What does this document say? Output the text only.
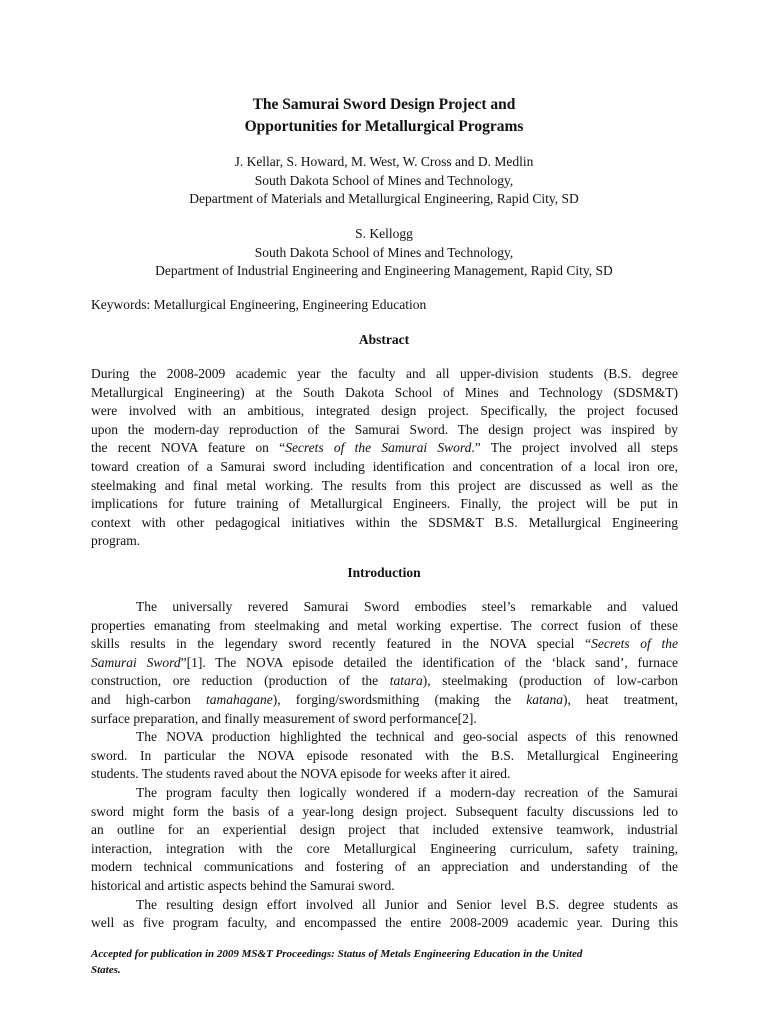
The Samurai Sword Design Project and
Opportunities for Metallurgical Programs
J. Kellar, S. Howard, M. West, W. Cross and D. Medlin
South Dakota School of Mines and Technology,
Department of Materials and Metallurgical Engineering, Rapid City, SD
S. Kellogg
South Dakota School of Mines and Technology,
Department of Industrial Engineering and Engineering Management, Rapid City, SD
Keywords: Metallurgical Engineering, Engineering Education
Abstract
During the 2008-2009 academic year the faculty and all upper-division students (B.S. degree
Metallurgical Engineering) at the South Dakota School of Mines and Technology (SDSM&T)
were involved with an ambitious, integrated design project. Specifically, the project focused
upon the modern-day reproduction of the Samurai Sword. The design project was inspired by
the recent NOVA feature on “Secrets of the Samurai Sword.” The project involved all steps
toward creation of a Samurai sword including identification and concentration of a local iron ore,
steelmaking and final metal working. The results from this project are discussed as well as the
implications for future training of Metallurgical Engineers. Finally, the project will be put in
context with other pedagogical initiatives within the SDSM&T B.S. Metallurgical Engineering
program.
Introduction
The universally revered Samurai Sword embodies steel’s remarkable and valued
properties emanating from steelmaking and metal working expertise. The correct fusion of these
skills results in the legendary sword recently featured in the NOVA special “Secrets of the
Samurai Sword”[1]. The NOVA episode detailed the identification of the ‘black sand’, furnace
construction, ore reduction (production of the tatara), steelmaking (production of low-carbon
and high-carbon tamahagane), forging/swordsmithing (making the katana), heat treatment,
surface preparation, and finally measurement of sword performance[2].
The NOVA production highlighted the technical and geo-social aspects of this renowned
sword. In particular the NOVA episode resonated with the B.S. Metallurgical Engineering
students. The students raved about the NOVA episode for weeks after it aired.
The program faculty then logically wondered if a modern-day recreation of the Samurai
sword might form the basis of a year-long design project. Subsequent faculty discussions led to
an outline for an experiential design project that included extensive teamwork, industrial
interaction, integration with the core Metallurgical Engineering curriculum, safety training,
modern technical communications and fostering of an appreciation and understanding of the
historical and artistic aspects behind the Samurai sword.
The resulting design effort involved all Junior and Senior level B.S. degree students as
well as five program faculty, and encompassed the entire 2008-2009 academic year. During this
Accepted for publication in 2009 MS&T Proceedings: Status of Metals Engineering Education in the United
States.
